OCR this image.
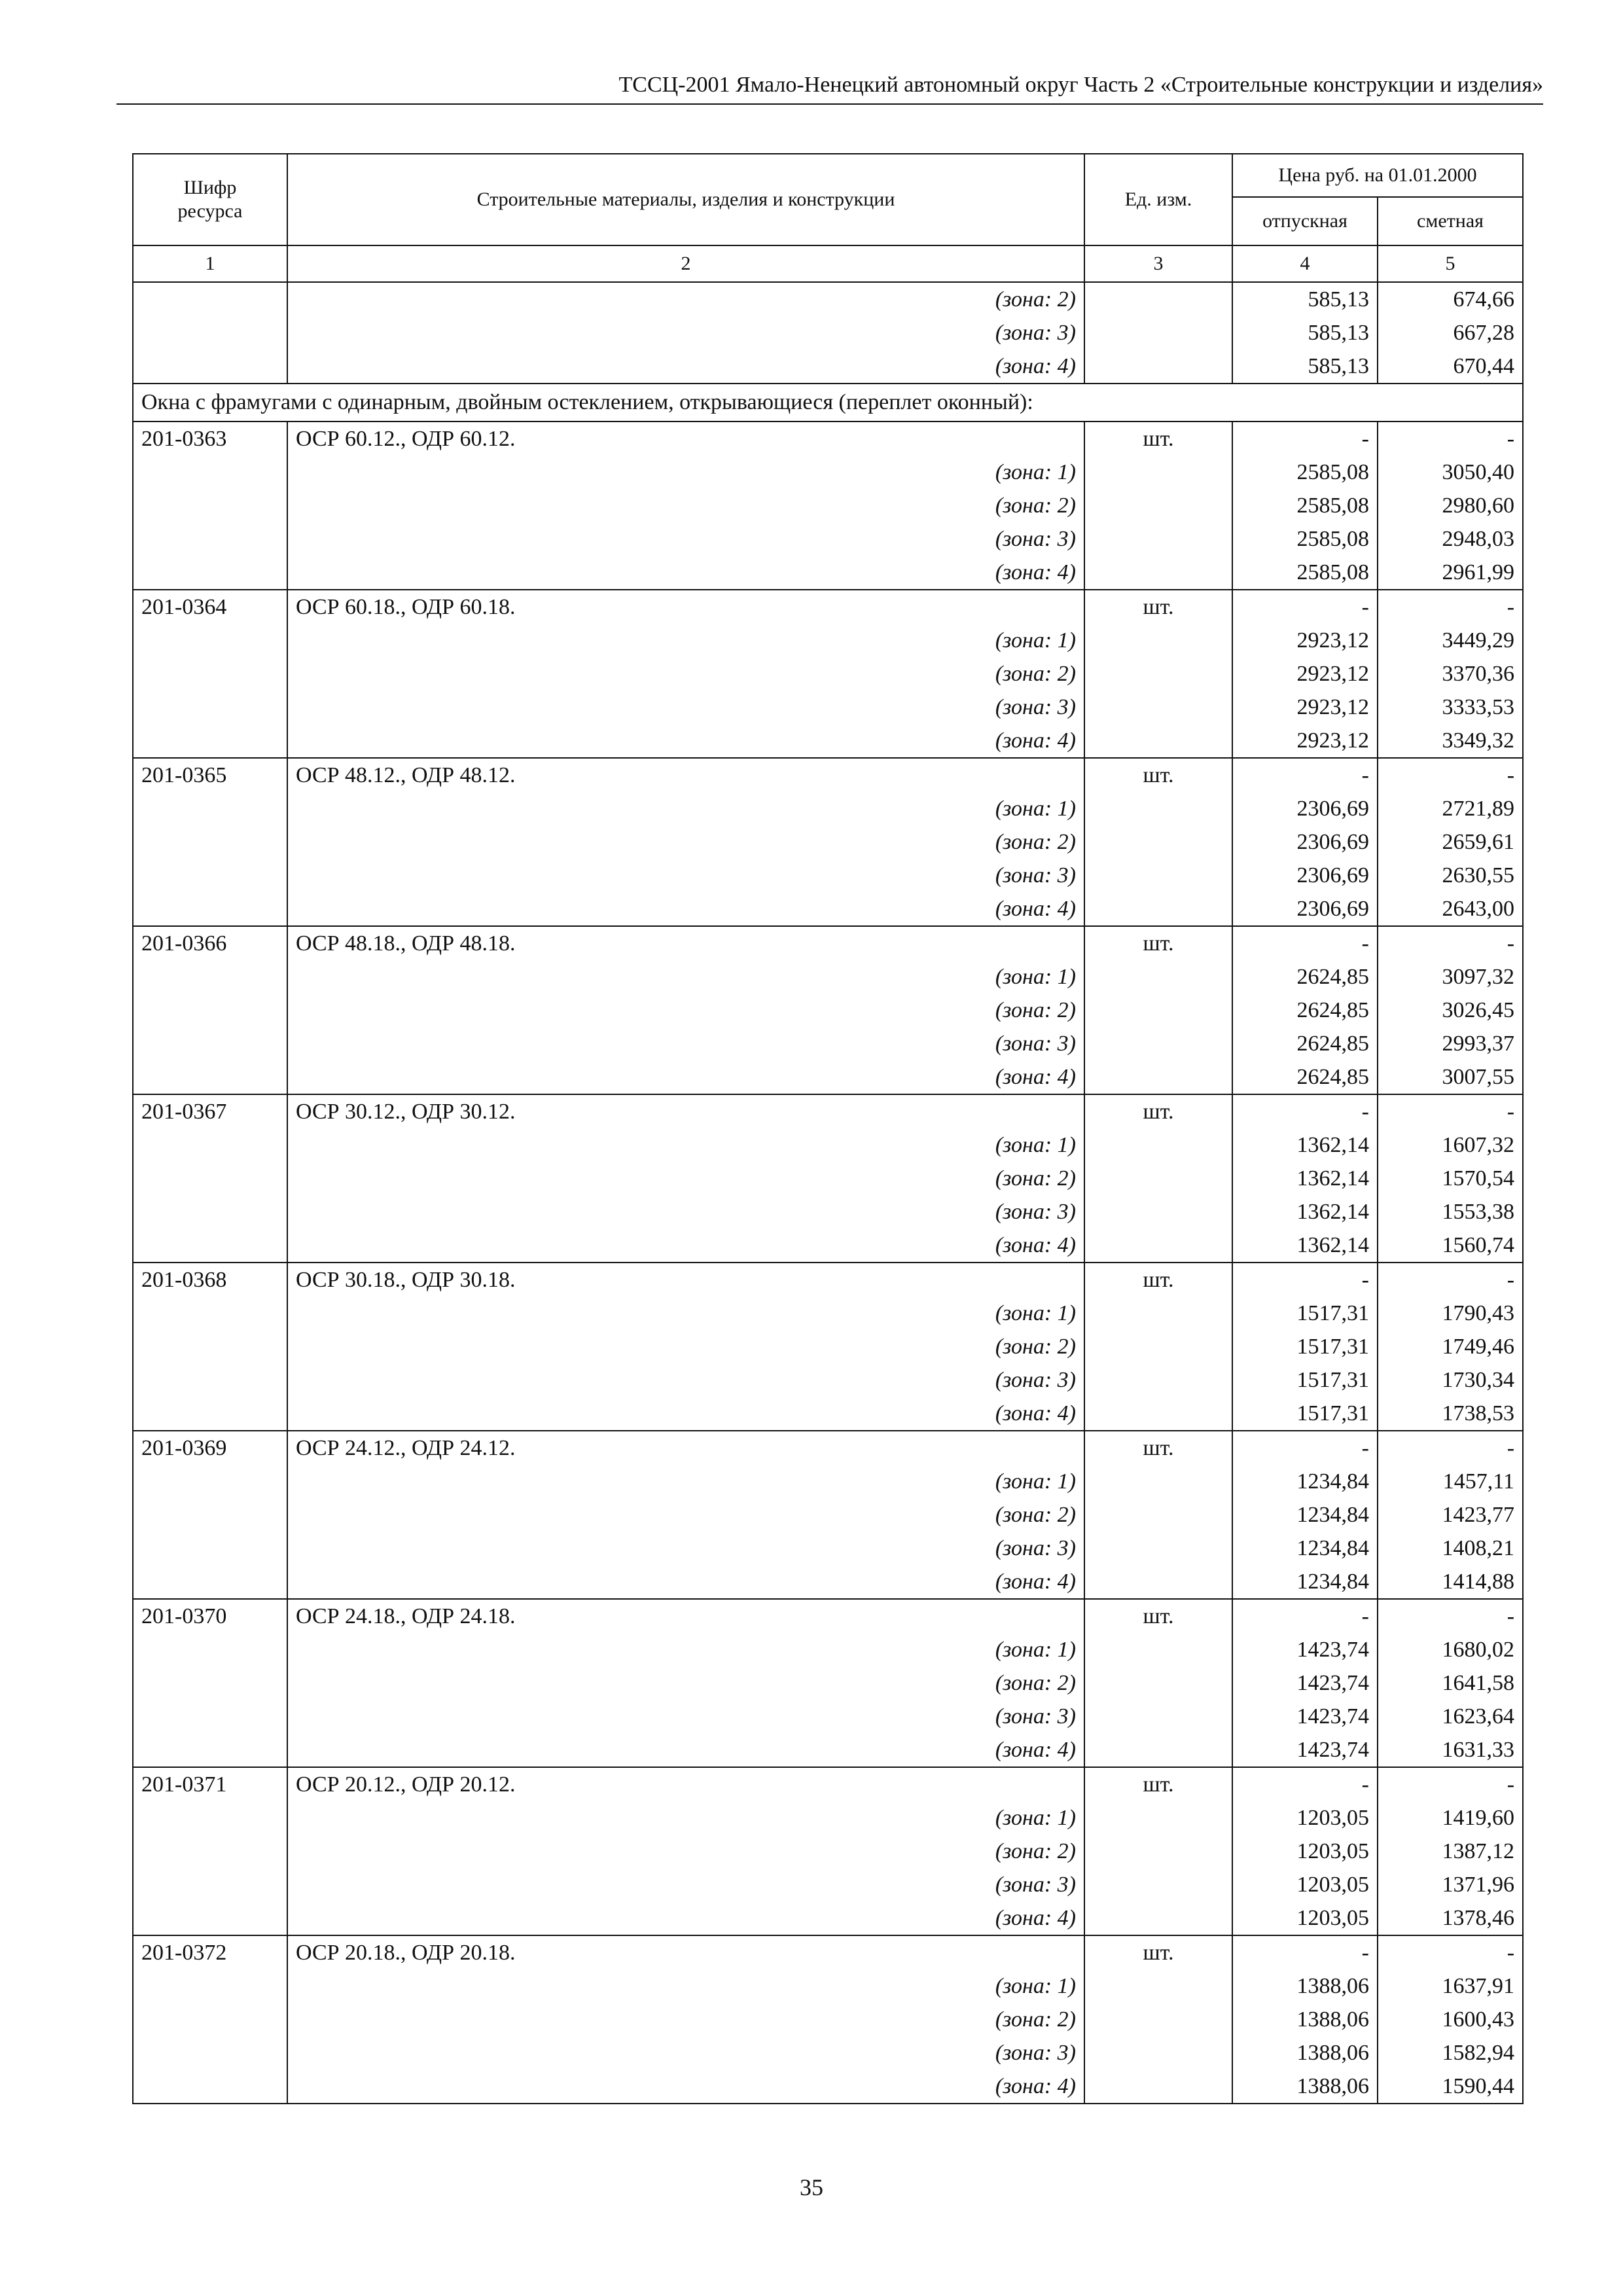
ТССЦ-2001 Ямало-Ненецкий автономный округ Часть 2 «Строительные конструкции и изделия»
Шифр ресурса	Строительные материалы, изделия и конструкции	Ед. изм.	Цена руб. на 01.01.2000	
			отпускная	сметная
1	2	3	4	5
	(зона: 2)		585,13	674,66
	(зона: 3)		585,13	667,28
	(зона: 4)		585,13	670,44
Окна с фрамугами с одинарным, двойным остеклением, открывающиеся (переплет оконный):				
201-0363	ОСР 60.12., ОДР 60.12.	шт.	-	-
	(зона: 1)		2585,08	3050,40
	(зона: 2)		2585,08	2980,60
	(зона: 3)		2585,08	2948,03
	(зона: 4)		2585,08	2961,99
201-0364	ОСР 60.18., ОДР 60.18.	шт.	-	-
	(зона: 1)		2923,12	3449,29
	(зона: 2)		2923,12	3370,36
	(зона: 3)		2923,12	3333,53
	(зона: 4)		2923,12	3349,32
201-0365	ОСР 48.12., ОДР 48.12.	шт.	-	-
	(зона: 1)		2306,69	2721,89
	(зона: 2)		2306,69	2659,61
	(зона: 3)		2306,69	2630,55
	(зона: 4)		2306,69	2643,00
201-0366	ОСР 48.18., ОДР 48.18.	шт.	-	-
	(зона: 1)		2624,85	3097,32
	(зона: 2)		2624,85	3026,45
	(зона: 3)		2624,85	2993,37
	(зона: 4)		2624,85	3007,55
201-0367	ОСР 30.12., ОДР 30.12.	шт.	-	-
	(зона: 1)		1362,14	1607,32
	(зона: 2)		1362,14	1570,54
	(зона: 3)		1362,14	1553,38
	(зона: 4)		1362,14	1560,74
201-0368	ОСР 30.18., ОДР 30.18.	шт.	-	-
	(зона: 1)		1517,31	1790,43
	(зона: 2)		1517,31	1749,46
	(зона: 3)		1517,31	1730,34
	(зона: 4)		1517,31	1738,53
201-0369	ОСР 24.12., ОДР 24.12.	шт.	-	-
	(зона: 1)		1234,84	1457,11
	(зона: 2)		1234,84	1423,77
	(зона: 3)		1234,84	1408,21
	(зона: 4)		1234,84	1414,88
201-0370	ОСР 24.18., ОДР 24.18.	шт.	-	-
	(зона: 1)		1423,74	1680,02
	(зона: 2)		1423,74	1641,58
	(зона: 3)		1423,74	1623,64
	(зона: 4)		1423,74	1631,33
201-0371	ОСР 20.12., ОДР 20.12.	шт.	-	-
	(зона: 1)		1203,05	1419,60
	(зона: 2)		1203,05	1387,12
	(зона: 3)		1203,05	1371,96
	(зона: 4)		1203,05	1378,46
201-0372	ОСР 20.18., ОДР 20.18.	шт.	-	-
	(зона: 1)		1388,06	1637,91
	(зона: 2)		1388,06	1600,43
	(зона: 3)		1388,06	1582,94
	(зона: 4)		1388,06	1590,44
35
